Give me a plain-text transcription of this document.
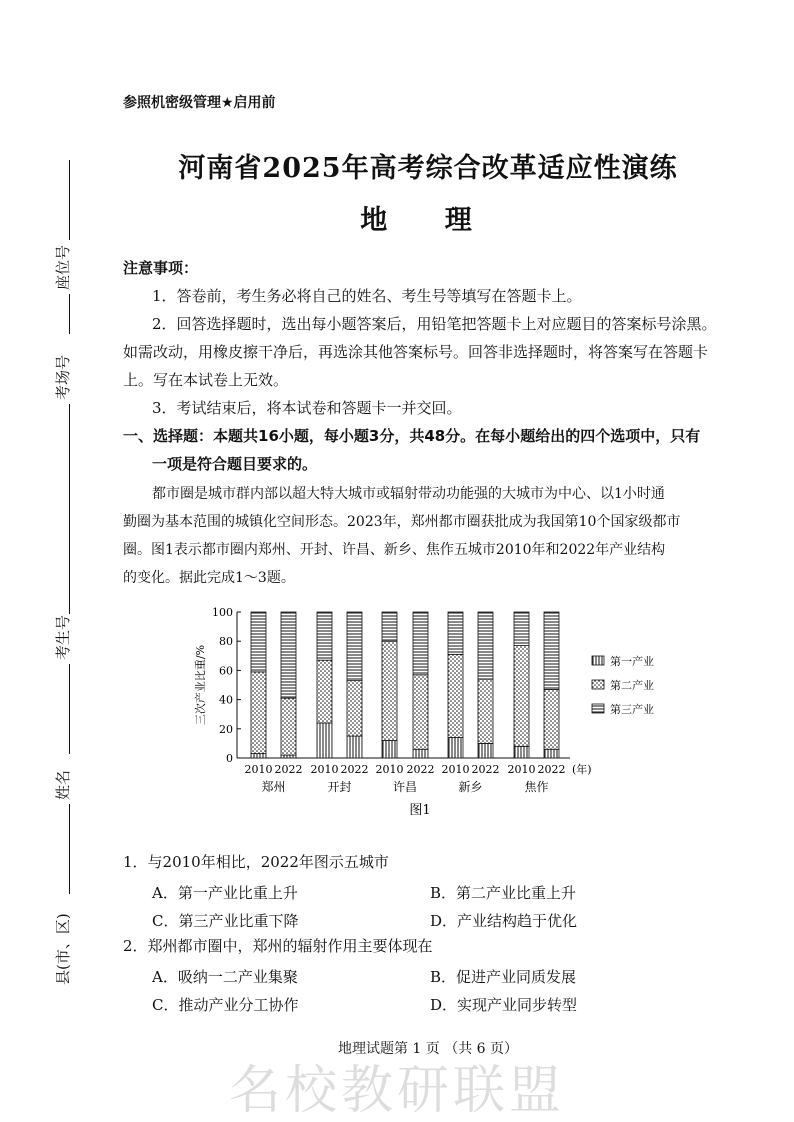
参照机密级管理★启用前
河南省2025年高考综合改革适应性演练
地 理
座位号
考场号
考生号
姓名
县(市、区)
注意事项：
1．答卷前，考生务必将自己的姓名、考生号等填写在答题卡上。
2．回答选择题时，选出每小题答案后，用铅笔把答题卡上对应题目的答案标号涂黑。
如需改动，用橡皮擦干净后，再选涂其他答案标号。回答非选择题时，将答案写在答题卡
上。写在本试卷上无效。
3．考试结束后，将本试卷和答题卡一并交回。
名校教研联盟
一、选择题：本题共16小题，每小题3分，共48分。在每小题给出的四个选项中，只有
一项是符合题目要求的。
都市圈是城市群内部以超大特大城市或辐射带动功能强的大城市为中心、以1小时通
勤圈为基本范围的城镇化空间形态。2023年，郑州都市圈获批成为我国第10个国家级都市
圈。图1表示都市圈内郑州、开封、许昌、新乡、焦作五城市2010年和2022年产业结构
的变化。据此完成1～3题。
0
20
40
60
80
100
三次产业比重/%
2010 2022 2010 2022 2010 2022 2010 2022 2010 2022
郑州	开封	许昌	新乡	焦作
(年)
图1
第一产业
第二产业
第三产业
1．与2010年相比，2022年图示五城市
A．第一产业比重上升	B．第二产业比重上升
C．第三产业比重下降	D．产业结构趋于优化
2．郑州都市圈中，郑州的辐射作用主要体现在
A．吸纳一二产业集聚	B．促进产业同质发展
C．推动产业分工协作	D．实现产业同步转型
地理试题第 1 页 （共 6 页）
